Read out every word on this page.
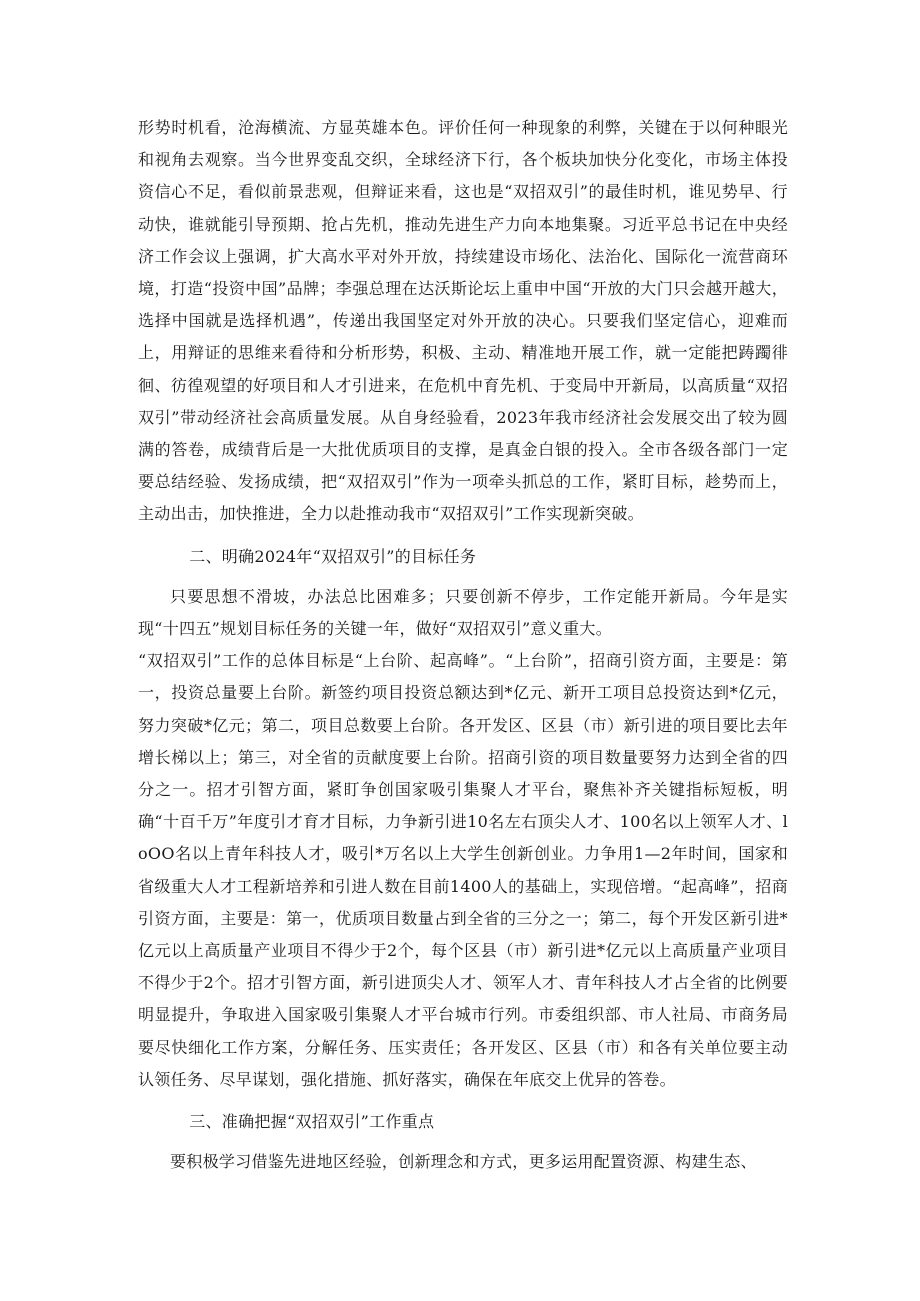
形势时机看，沧海横流、方显英雄本色。评价任何一种现象的利弊，关键在于以何种眼光和视角去观察。当今世界变乱交织，全球经济下行，各个板块加快分化变化，市场主体投资信心不足，看似前景悲观，但辩证来看，这也是“双招双引”的最佳时机，谁见势早、行动快，谁就能引导预期、抢占先机，推动先进生产力向本地集聚。习近平总书记在中央经济工作会议上强调，扩大高水平对外开放，持续建设市场化、法治化、国际化一流营商环境，打造“投资中国”品牌；李强总理在达沃斯论坛上重申中国“开放的大门只会越开越大，选择中国就是选择机遇”，传递出我国坚定对外开放的决心。只要我们坚定信心，迎难而上，用辩证的思维来看待和分析形势，积极、主动、精准地开展工作，就一定能把踌躅徘徊、彷徨观望的好项目和人才引进来，在危机中育先机、于变局中开新局，以高质量“双招双引”带动经济社会高质量发展。从自身经验看，2023年我市经济社会发展交出了较为圆满的答卷，成绩背后是一大批优质项目的支撑，是真金白银的投入。全市各级各部门一定要总结经验、发扬成绩，把“双招双引”作为一项牵头抓总的工作，紧盯目标，趁势而上，主动出击，加快推进，全力以赴推动我市“双招双引”工作实现新突破。

二、明确2024年“双招双引”的目标任务

只要思想不滑坡，办法总比困难多；只要创新不停步，工作定能开新局。今年是实现“十四五”规划目标任务的关键一年，做好“双招双引”意义重大。

“双招双引”工作的总体目标是“上台阶、起高峰”。“上台阶”，招商引资方面，主要是：第一，投资总量要上台阶。新签约项目投资总额达到*亿元、新开工项目总投资达到*亿元，努力突破*亿元；第二，项目总数要上台阶。各开发区、区县（市）新引进的项目要比去年增长梯以上；第三，对全省的贡献度要上台阶。招商引资的项目数量要努力达到全省的四分之一。招才引智方面，紧盯争创国家吸引集聚人才平台，聚焦补齐关键指标短板，明确“十百千万”年度引才育才目标，力争新引进10名左右顶尖人才、100名以上领军人才、loOO名以上青年科技人才，吸引*万名以上大学生创新创业。力争用1—2年时间，国家和省级重大人才工程新培养和引进人数在目前1400人的基础上，实现倍增。“起高峰”，招商引资方面，主要是：第一，优质项目数量占到全省的三分之一；第二，每个开发区新引进*亿元以上高质量产业项目不得少于2个，每个区县（市）新引进*亿元以上高质量产业项目不得少于2个。招才引智方面，新引进顶尖人才、领军人才、青年科技人才占全省的比例要明显提升，争取进入国家吸引集聚人才平台城市行列。市委组织部、市人社局、市商务局要尽快细化工作方案，分解任务、压实责任；各开发区、区县（市）和各有关单位要主动认领任务、尽早谋划，强化措施、抓好落实，确保在年底交上优异的答卷。

三、准确把握“双招双引”工作重点

要积极学习借鉴先进地区经验，创新理念和方式，更多运用配置资源、构建生态、
